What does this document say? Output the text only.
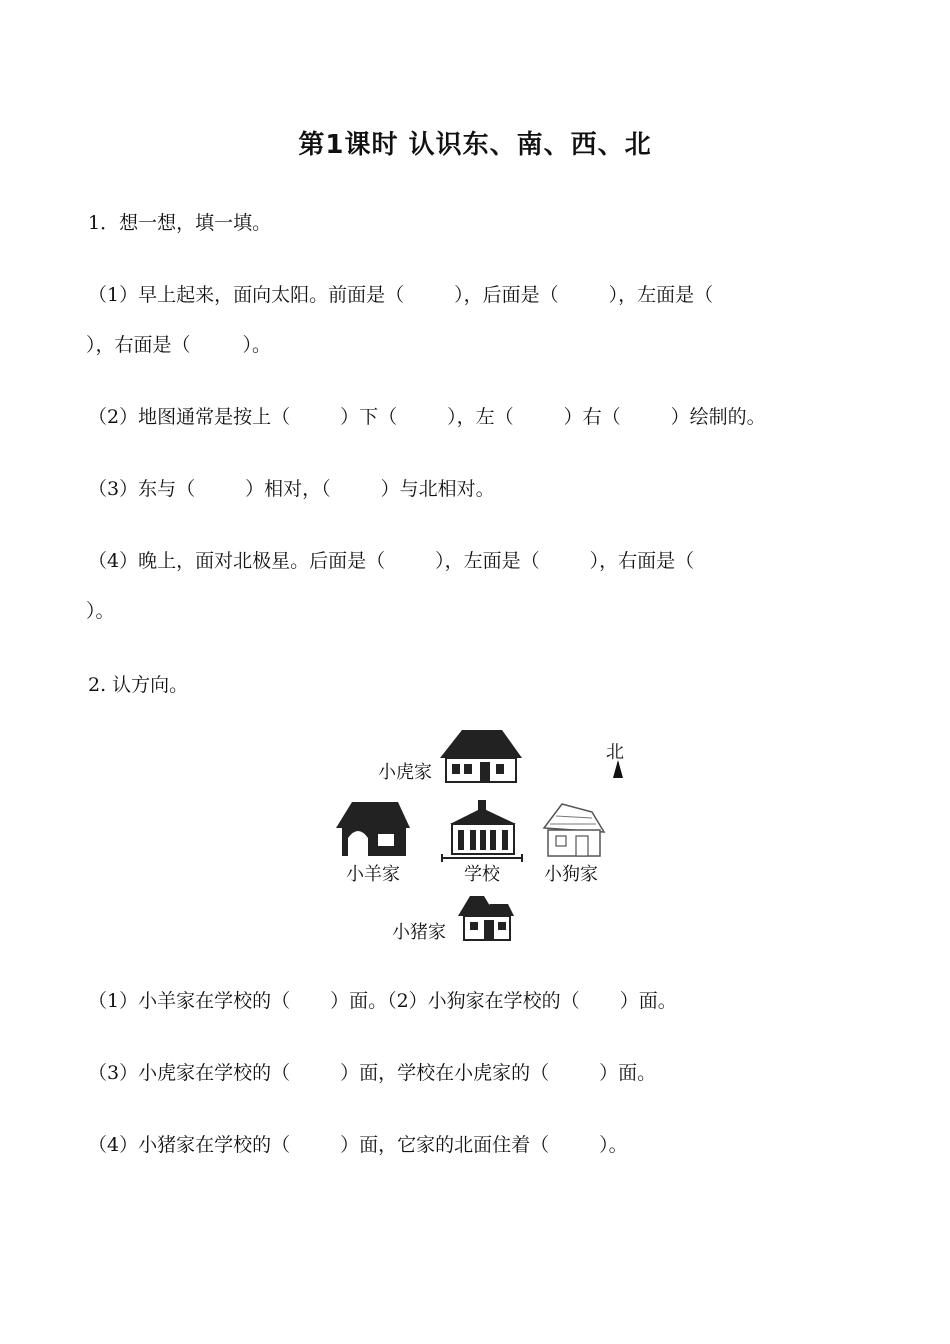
第1课时 认识东、南、西、北
1．想一想，填一填。
（1）早上起来，面向太阳。前面是（	），后面是（	），左面是（
），右面是（	）。
（2）地图通常是按上（	）下（	），左（	）右（	）绘制的。
（3）东与（	）相对，（	）与北相对。
（4）晚上，面对北极星。后面是（	），左面是（	），右面是（
）。
2. 认方向。
北
小虎家
小羊家	学校 小狗家
小猪家
（1）小羊家在学校的（ ）面。（2）小狗家在学校的（ ）面。
（3）小虎家在学校的（	）面，学校在小虎家的（	）面。
（4）小猪家在学校的（	）面，它家的北面住着（	）。
